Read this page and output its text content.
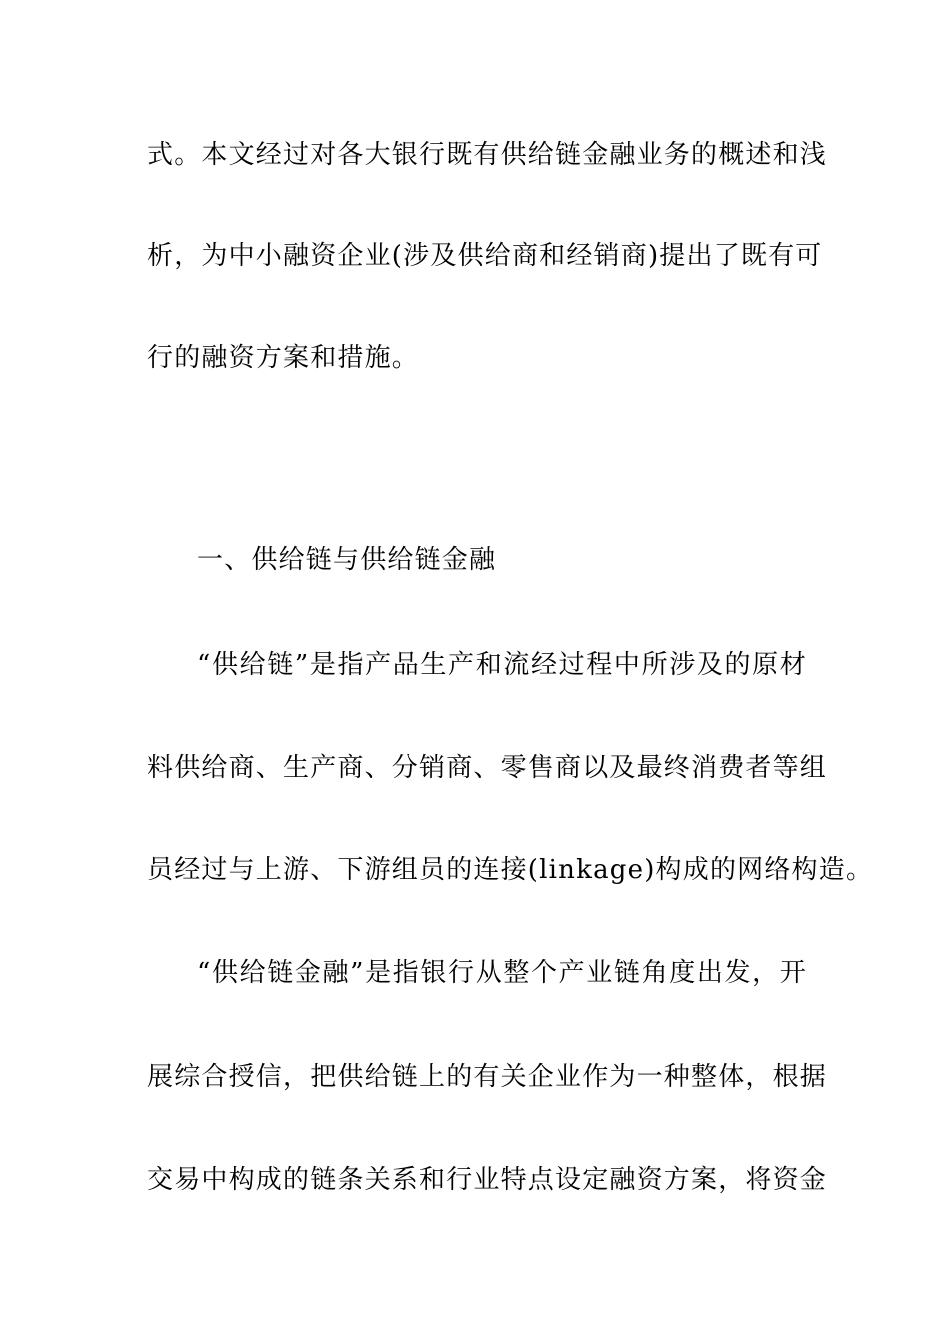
式。本文经过对各大银行既有供给链金融业务的概述和浅
析，为中小融资企业(涉及供给商和经销商)提出了既有可
行的融资方案和措施。
一、供给链与供给链金融
“供给链”是指产品生产和流经过程中所涉及的原材
料供给商、生产商、分销商、零售商以及最终消费者等组
员经过与上游、下游组员的连接(linkage)构成的网络构造。
“供给链金融”是指银行从整个产业链角度出发，开
展综合授信，把供给链上的有关企业作为一种整体，根据
交易中构成的链条关系和行业特点设定融资方案，将资金
